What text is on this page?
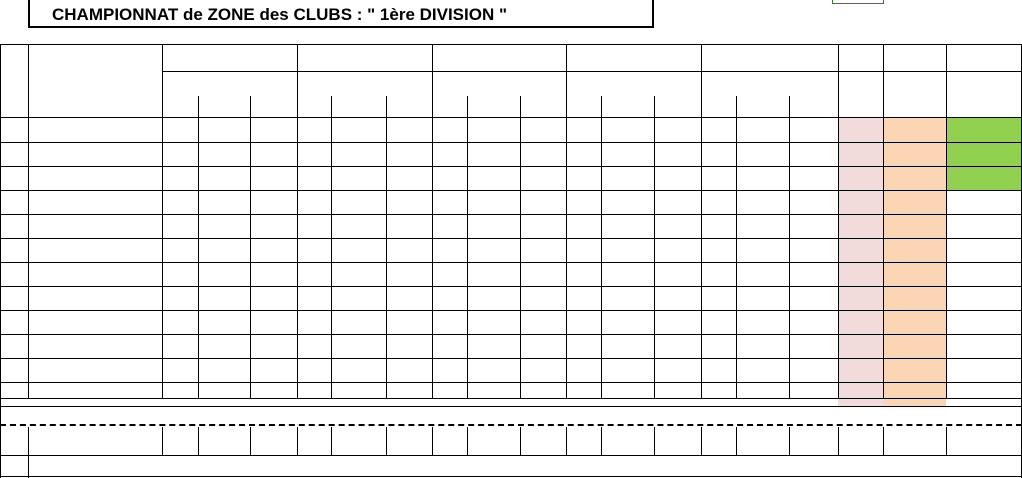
CHAMPIONNAT de ZONE des CLUBS : " 1ère DIVISION "
